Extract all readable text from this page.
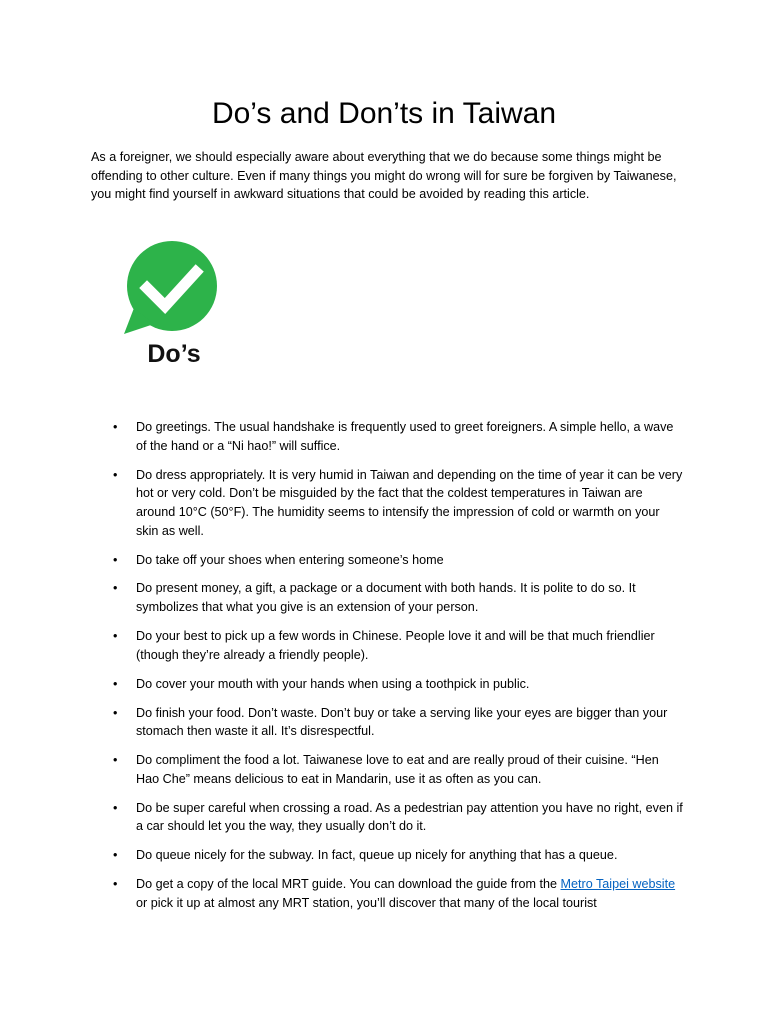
Do’s and Don’ts in Taiwan

As a foreigner, we should especially aware about everything that we do because some things might be offending to other culture. Even if many things you might do wrong will for sure be forgiven by Taiwanese, you might find yourself in awkward situations that could be avoided by reading this article.

Do’s
•	Do greetings. The usual handshake is frequently used to greet foreigners. A simple hello, a wave of the hand or a “Ni hao!” will suffice.
•	Do dress appropriately. It is very humid in Taiwan and depending on the time of year it can be very hot or very cold. Don’t be misguided by the fact that the coldest temperatures in Taiwan are around 10°C (50°F). The humidity seems to intensify the impression of cold or warmth on your skin as well.
•	Do take off your shoes when entering someone’s home
•	Do present money, a gift, a package or a document with both hands. It is polite to do so. It symbolizes that what you give is an extension of your person.
•	Do your best to pick up a few words in Chinese. People love it and will be that much friendlier (though they’re already a friendly people).
•	Do cover your mouth with your hands when using a toothpick in public.
•	Do finish your food. Don’t waste. Don’t buy or take a serving like your eyes are bigger than your stomach then waste it all. It’s disrespectful.
•	Do compliment the food a lot. Taiwanese love to eat and are really proud of their cuisine. “Hen Hao Che” means delicious to eat in Mandarin, use it as often as you can.
•	Do be super careful when crossing a road. As a pedestrian pay attention you have no right, even if a car should let you the way, they usually don’t do it.
•	Do queue nicely for the subway. In fact, queue up nicely for anything that has a queue.
•	Do get a copy of the local MRT guide. You can download the guide from the Metro Taipei website or pick it up at almost any MRT station, you’ll discover that many of the local tourist
